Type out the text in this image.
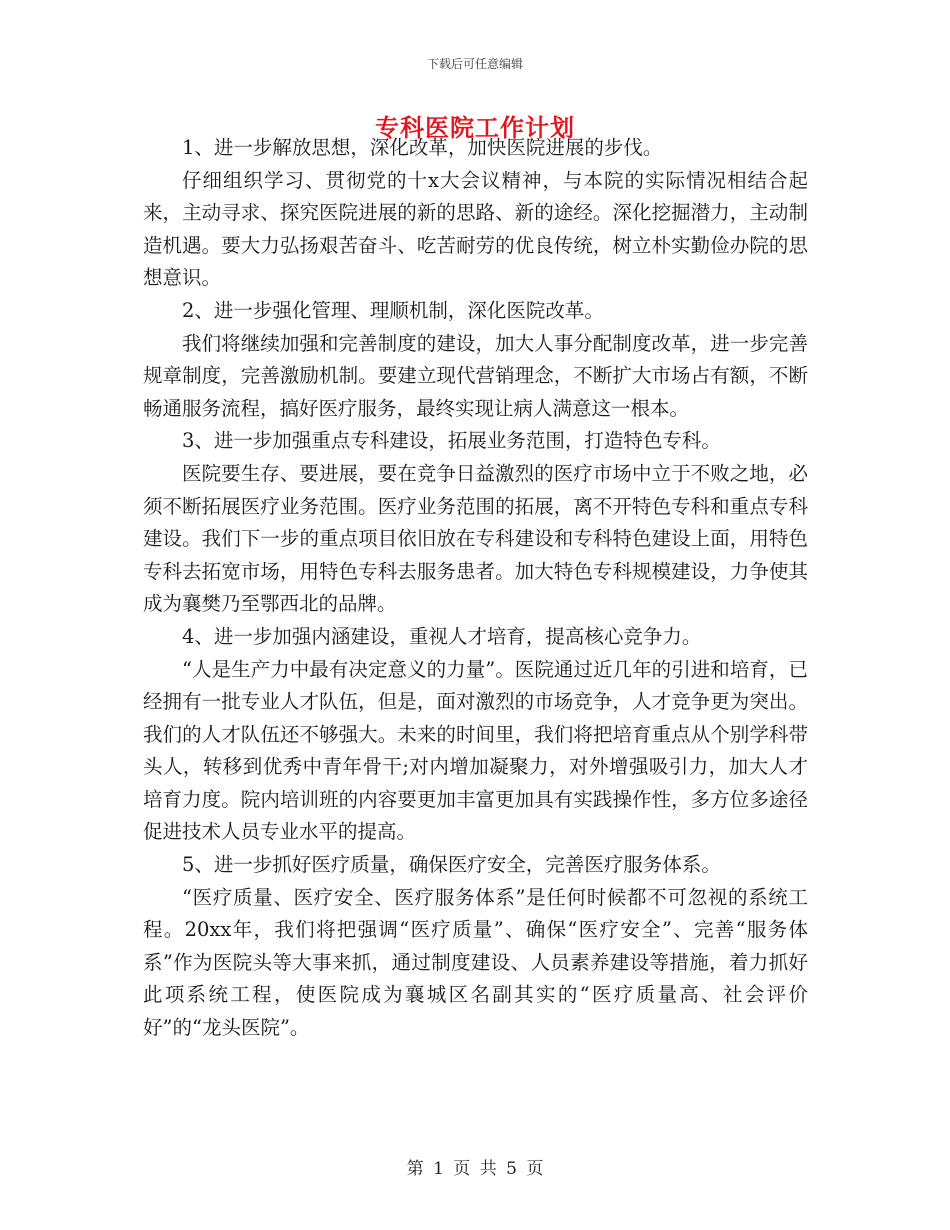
下载后可任意编辑
专科医院工作计划

1、进一步解放思想，深化改革，加快医院进展的步伐。

仔细组织学习、贯彻党的十x大会议精神，与本院的实际情况相结合起来，主动寻求、探究医院进展的新的思路、新的途经。深化挖掘潜力，主动制造机遇。要大力弘扬艰苦奋斗、吃苦耐劳的优良传统，树立朴实勤俭办院的思想意识。

2、进一步强化管理、理顺机制，深化医院改革。

我们将继续加强和完善制度的建设，加大人事分配制度改革，进一步完善规章制度，完善激励机制。要建立现代营销理念，不断扩大市场占有额，不断畅通服务流程，搞好医疗服务，最终实现让病人满意这一根本。

3、进一步加强重点专科建设，拓展业务范围，打造特色专科。

医院要生存、要进展，要在竞争日益激烈的医疗市场中立于不败之地，必须不断拓展医疗业务范围。医疗业务范围的拓展，离不开特色专科和重点专科建设。我们下一步的重点项目依旧放在专科建设和专科特色建设上面，用特色专科去拓宽市场，用特色专科去服务患者。加大特色专科规模建设，力争使其成为襄樊乃至鄂西北的品牌。

4、进一步加强内涵建设，重视人才培育，提高核心竞争力。

“人是生产力中最有决定意义的力量”。医院通过近几年的引进和培育，已经拥有一批专业人才队伍，但是，面对激烈的市场竞争，人才竞争更为突出。我们的人才队伍还不够强大。未来的时间里，我们将把培育重点从个别学科带头人，转移到优秀中青年骨干;对内增加凝聚力，对外增强吸引力，加大人才培育力度。院内培训班的内容要更加丰富更加具有实践操作性，多方位多途径促进技术人员专业水平的提高。

5、进一步抓好医疗质量，确保医疗安全，完善医疗服务体系。

“医疗质量、医疗安全、医疗服务体系”是任何时候都不可忽视的系统工程。20xx年，我们将把强调“医疗质量”、确保“医疗安全”、完善“服务体系”作为医院头等大事来抓，通过制度建设、人员素养建设等措施，着力抓好此项系统工程，使医院成为襄城区名副其实的“医疗质量高、社会评价好”的“龙头医院”。

第 1 页 共 5 页
